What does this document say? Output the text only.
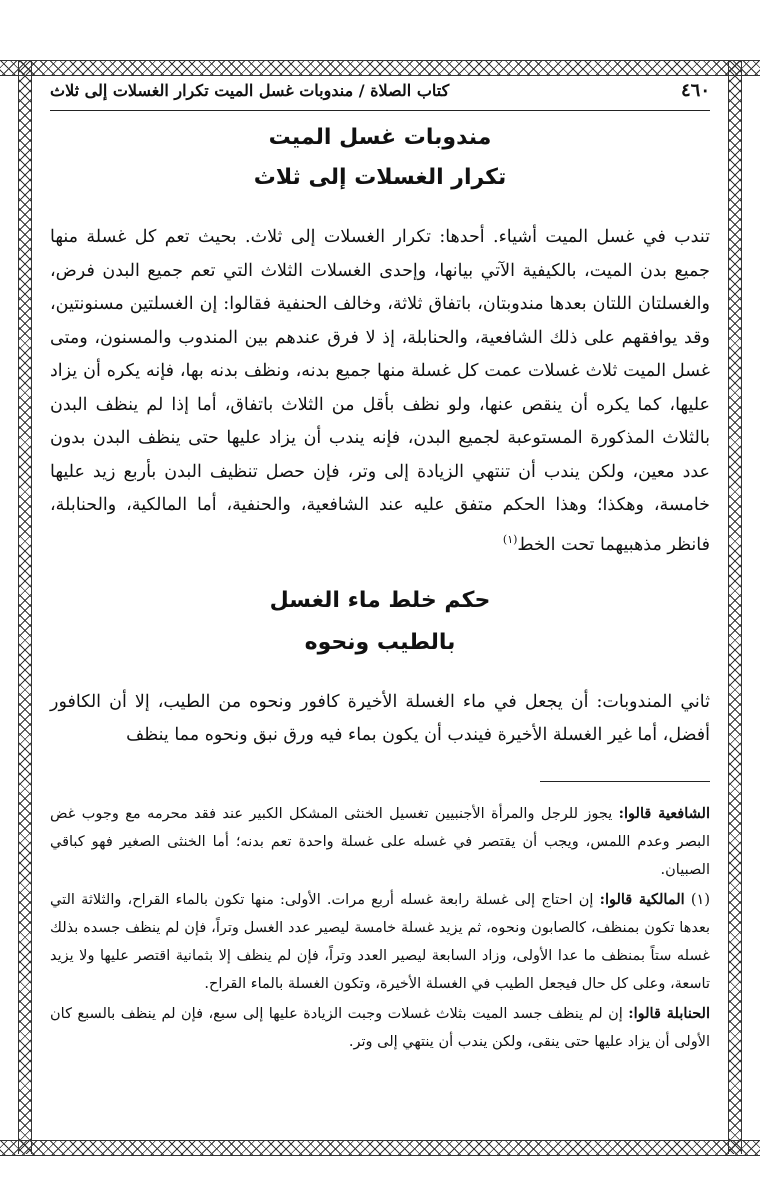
٤٦٠
كتاب الصلاة / مندوبات غسل الميت تكرار الغسلات إلى ثلاث
مندوبات غسل الميت
تكرار الغسلات إلى ثلاث

تندب في غسل الميت أشياء. أحدها: تكرار الغسلات إلى ثلاث. بحيث تعم كل غسلة منها جميع بدن الميت، بالكيفية الآتي بيانها، وإحدى الغسلات الثلاث التي تعم جميع البدن فرض، والغسلتان اللتان بعدها مندوبتان، باتفاق ثلاثة، وخالف الحنفية فقالوا: إن الغسلتين مسنونتين، وقد يوافقهم على ذلك الشافعية، والحنابلة، إذ لا فرق عندهم بين المندوب والمسنون، ومتى غسل الميت ثلاث غسلات عمت كل غسلة منها جميع بدنه، ونظف بدنه بها، فإنه يكره أن يزاد عليها، كما يكره أن ينقص عنها، ولو نظف بأقل من الثلاث باتفاق، أما إذا لم ينظف البدن بالثلاث المذكورة المستوعبة لجميع البدن، فإنه يندب أن يزاد عليها حتى ينظف البدن بدون عدد معين، ولكن يندب أن تنتهي الزيادة إلى وتر، فإن حصل تنظيف البدن بأربع زيد عليها خامسة، وهكذا؛ وهذا الحكم متفق عليه عند الشافعية، والحنفية، أما المالكية، والحنابلة، فانظر مذهبيهما تحت الخط$^{(١)}$

حكم خلط ماء الغسل
بالطيب ونحوه

ثاني المندوبات: أن يجعل في ماء الغسلة الأخيرة كافور ونحوه من الطيب، إلا أن الكافور أفضل، أما غير الغسلة الأخيرة فيندب أن يكون بماء فيه ورق نبق ونحوه مما ينظف

الشافعية قالوا: يجوز للرجل والمرأة الأجنبيين تغسيل الخنثى المشكل الكبير عند فقد محرمه مع وجوب غض البصر وعدم اللمس، ويجب أن يقتصر في غسله على غسلة واحدة تعم بدنه؛ أما الخنثى الصغير فهو كباقي الصبيان.

(١) المالكية قالوا: إن احتاج إلى غسلة رابعة غسله أربع مرات. الأولى: منها تكون بالماء القراح، والثلاثة التي بعدها تكون بمنظف، كالصابون ونحوه، ثم يزيد غسلة خامسة ليصير عدد الغسل وتراً، فإن لم ينظف جسده بذلك غسله ستاً بمنظف ما عدا الأولى، وزاد السابعة ليصير العدد وتراً، فإن لم ينظف إلا بثمانية اقتصر عليها ولا يزيد تاسعة، وعلى كل حال فيجعل الطيب في الغسلة الأخيرة، وتكون الغسلة بالماء القراح.

الحنابلة قالوا: إن لم ينظف جسد الميت بثلاث غسلات وجبت الزيادة عليها إلى سبع، فإن لم ينظف بالسبع كان الأولى أن يزاد عليها حتى ينقى، ولكن يندب أن ينتهي إلى وتر.
